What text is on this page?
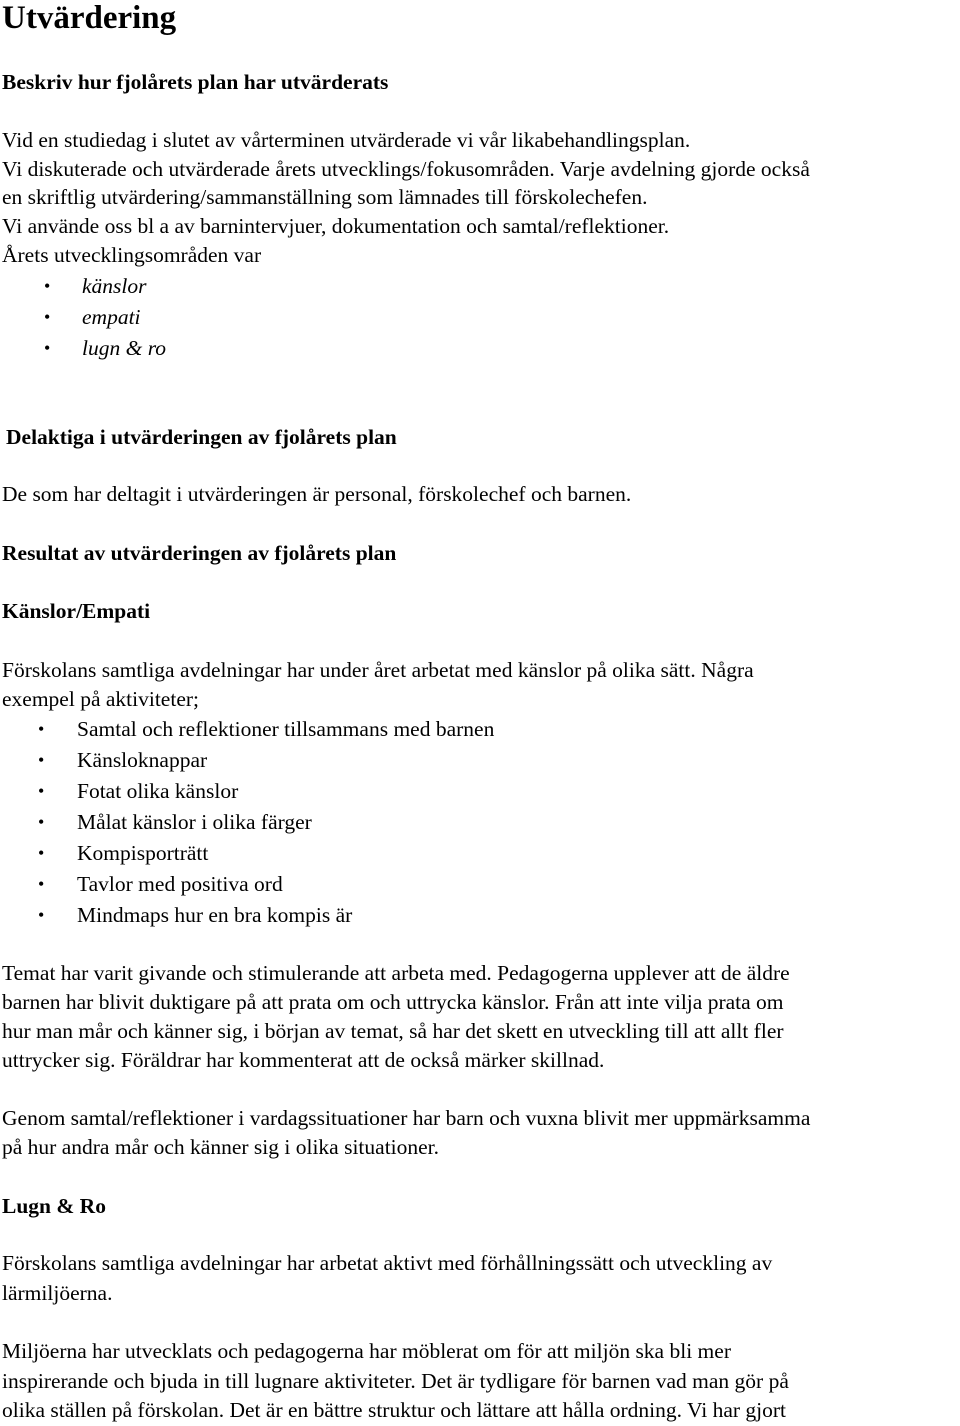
Utvärdering
Beskriv hur fjolårets plan har utvärderats
Vid en studiedag i slutet av vårterminen utvärderade vi vår likabehandlingsplan.
Vi diskuterade och utvärderade årets utvecklings/fokusområden. Varje avdelning gjorde också
en skriftlig utvärdering/sammanställning som lämnades till förskolechefen.
Vi använde oss bl a av barnintervjuer, dokumentation och samtal/reflektioner.
Årets utvecklingsområden var
• känslor
• empati
• lugn & ro
Delaktiga i utvärderingen av fjolårets plan
De som har deltagit i utvärderingen är personal, förskolechef och barnen.
Resultat av utvärderingen av fjolårets plan
Känslor/Empati
Förskolans samtliga avdelningar har under året arbetat med känslor på olika sätt. Några
exempel på aktiviteter;
• Samtal och reflektioner tillsammans med barnen
• Känsloknappar
• Fotat olika känslor
• Målat känslor i olika färger
• Kompisporträtt
• Tavlor med positiva ord
• Mindmaps hur en bra kompis är
Temat har varit givande och stimulerande att arbeta med. Pedagogerna upplever att de äldre
barnen har blivit duktigare på att prata om och uttrycka känslor. Från att inte vilja prata om
hur man mår och känner sig, i början av temat, så har det skett en utveckling till att allt fler
uttrycker sig. Föräldrar har kommenterat att de också märker skillnad.
Genom samtal/reflektioner i vardagssituationer har barn och vuxna blivit mer uppmärksamma
på hur andra mår och känner sig i olika situationer.
Lugn & Ro
Förskolans samtliga avdelningar har arbetat aktivt med förhållningssätt och utveckling av
lärmiljöerna.
Miljöerna har utvecklats och pedagogerna har möblerat om för att miljön ska bli mer
inspirerande och bjuda in till lugnare aktiviteter. Det är tydligare för barnen vad man gör på
olika ställen på förskolan. Det är en bättre struktur och lättare att hålla ordning. Vi har gjort
